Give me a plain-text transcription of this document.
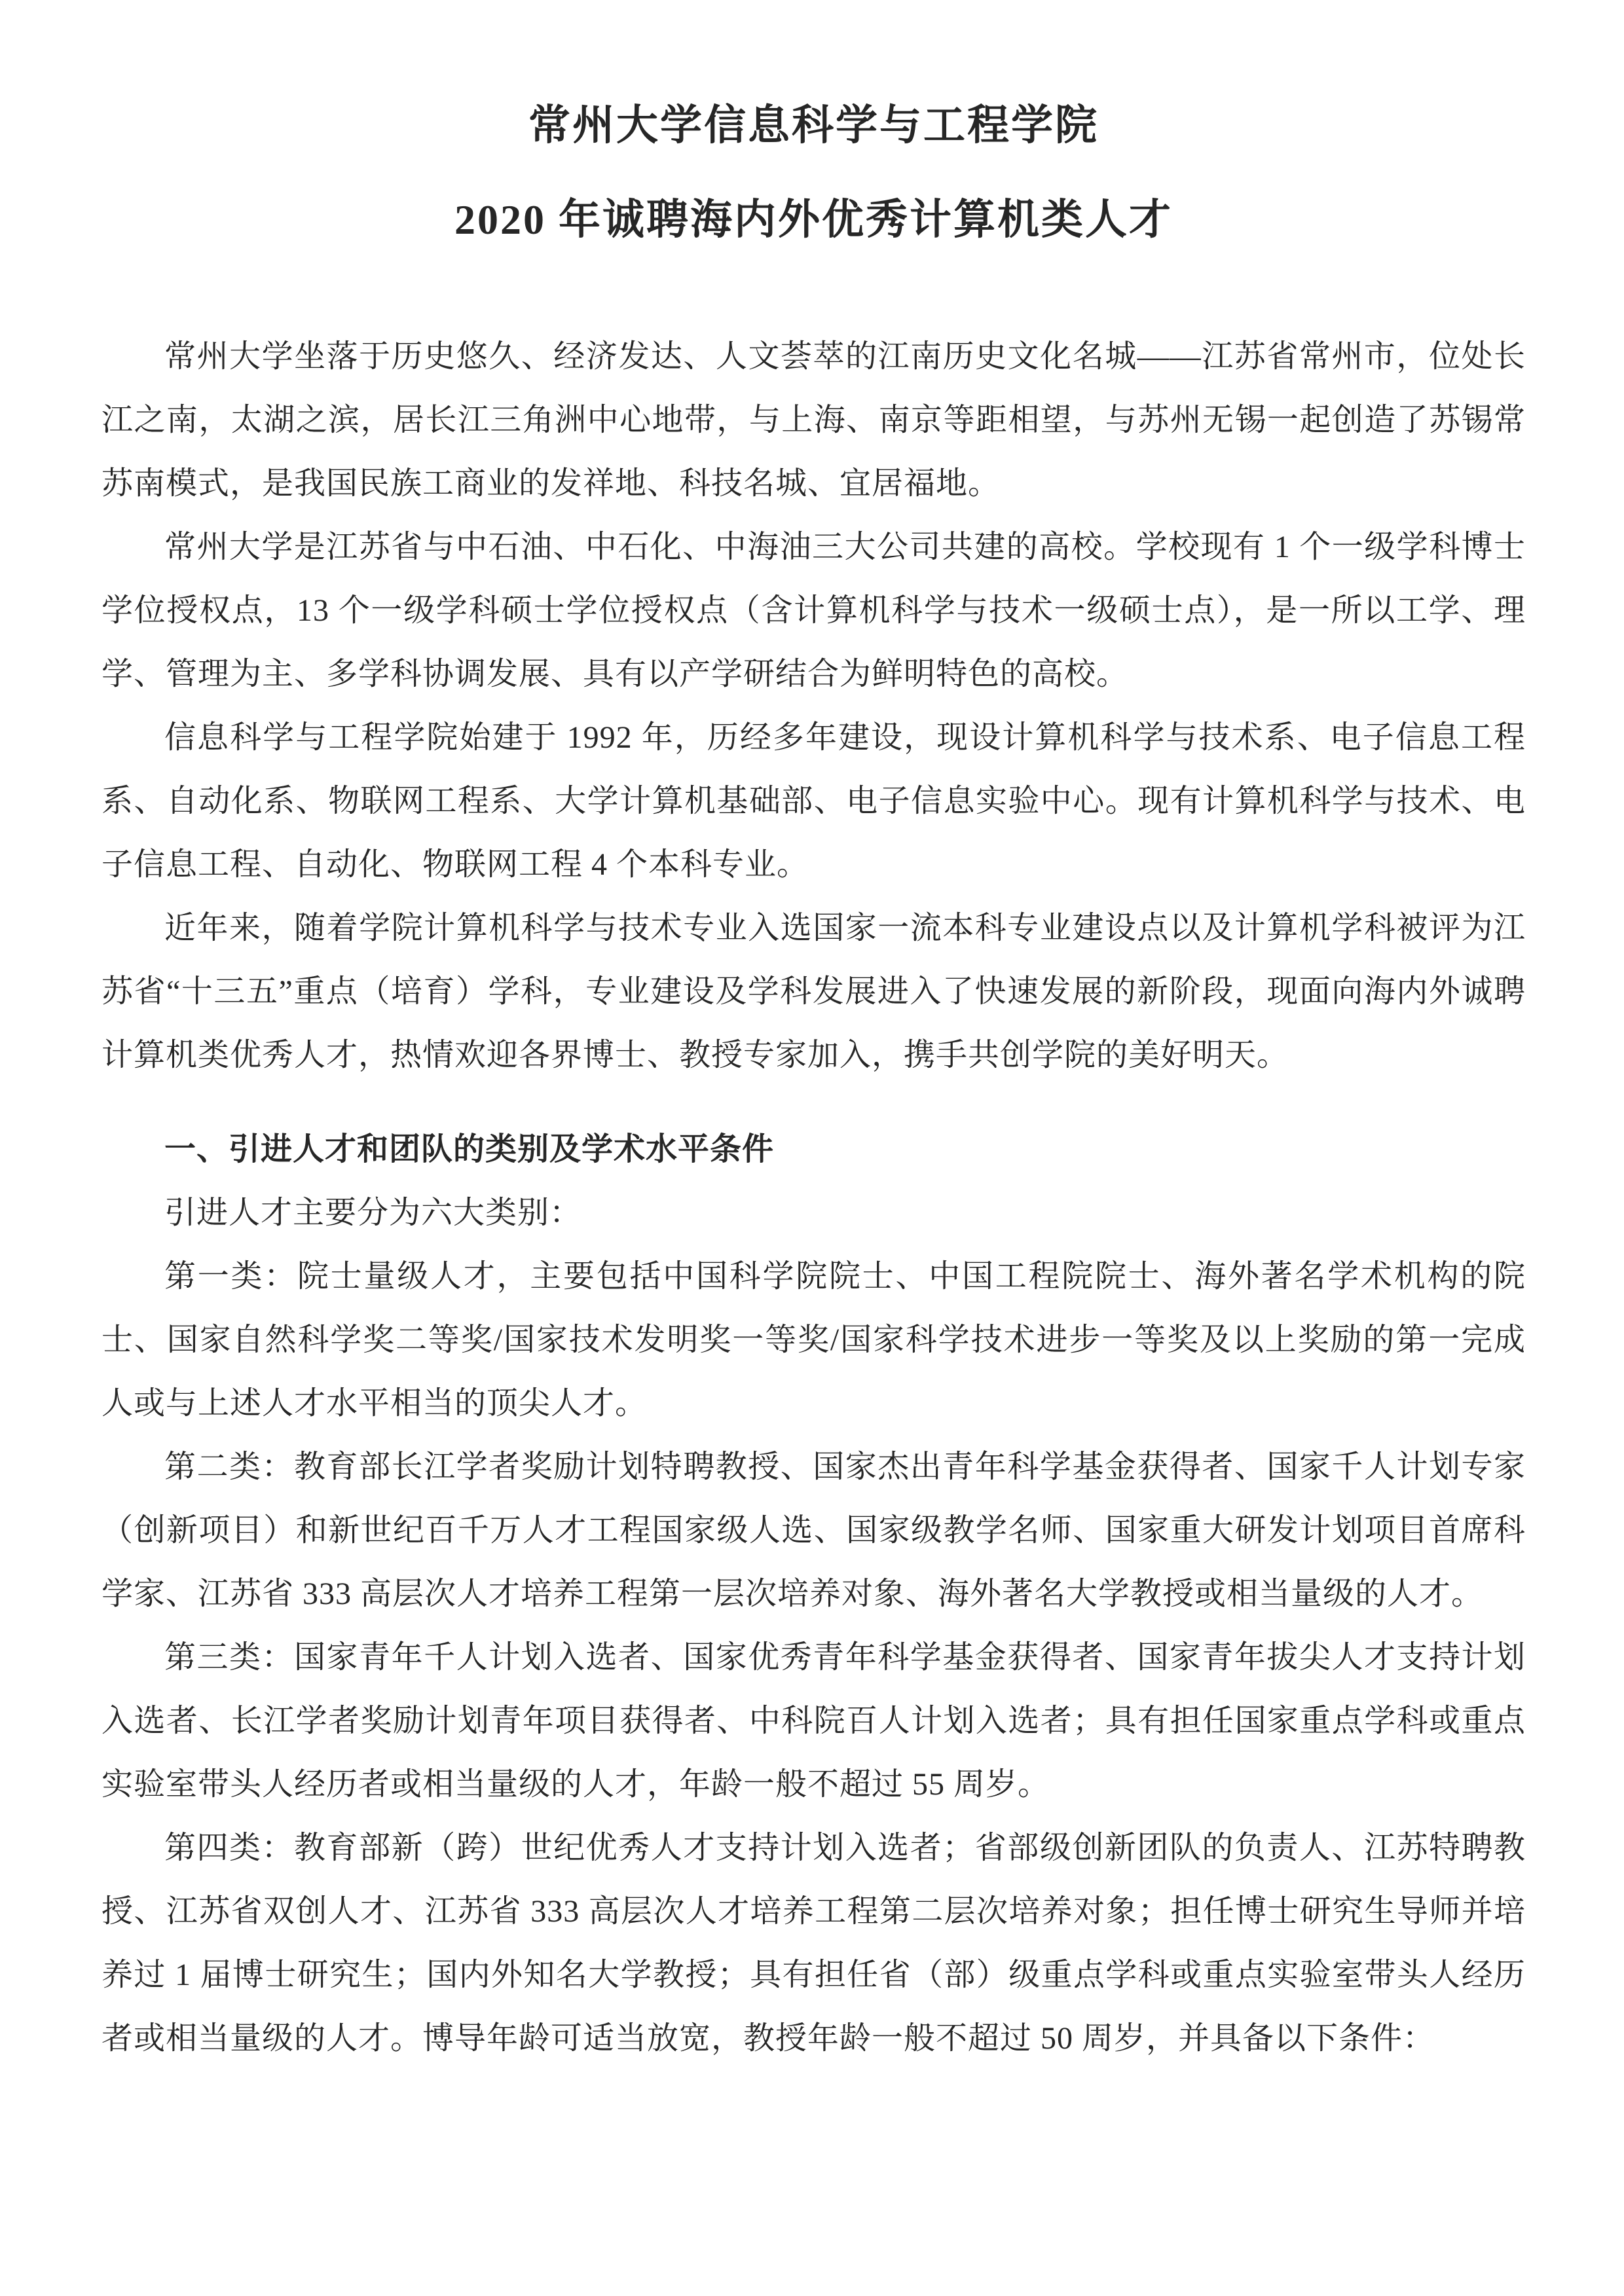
常州大学信息科学与工程学院
2020 年诚聘海内外优秀计算机类人才

常州大学坐落于历史悠久、经济发达、人文荟萃的江南历史文化名城——江苏省常州市，位处长江之南，太湖之滨，居长江三角洲中心地带，与上海、南京等距相望，与苏州无锡一起创造了苏锡常苏南模式，是我国民族工商业的发祥地、科技名城、宜居福地。

常州大学是江苏省与中石油、中石化、中海油三大公司共建的高校。学校现有 1 个一级学科博士学位授权点，13 个一级学科硕士学位授权点（含计算机科学与技术一级硕士点），是一所以工学、理学、管理为主、多学科协调发展、具有以产学研结合为鲜明特色的高校。

信息科学与工程学院始建于 1992 年，历经多年建设，现设计算机科学与技术系、电子信息工程系、自动化系、物联网工程系、大学计算机基础部、电子信息实验中心。现有计算机科学与技术、电子信息工程、自动化、物联网工程 4 个本科专业。

近年来，随着学院计算机科学与技术专业入选国家一流本科专业建设点以及计算机学科被评为江苏省“十三五”重点（培育）学科，专业建设及学科发展进入了快速发展的新阶段，现面向海内外诚聘计算机类优秀人才，热情欢迎各界博士、教授专家加入，携手共创学院的美好明天。

一、引进人才和团队的类别及学术水平条件

引进人才主要分为六大类别：

第一类：院士量级人才，主要包括中国科学院院士、中国工程院院士、海外著名学术机构的院士、国家自然科学奖二等奖/国家技术发明奖一等奖/国家科学技术进步一等奖及以上奖励的第一完成人或与上述人才水平相当的顶尖人才。

第二类：教育部长江学者奖励计划特聘教授、国家杰出青年科学基金获得者、国家千人计划专家（创新项目）和新世纪百千万人才工程国家级人选、国家级教学名师、国家重大研发计划项目首席科学家、江苏省 333 高层次人才培养工程第一层次培养对象、海外著名大学教授或相当量级的人才。

第三类：国家青年千人计划入选者、国家优秀青年科学基金获得者、国家青年拔尖人才支持计划入选者、长江学者奖励计划青年项目获得者、中科院百人计划入选者；具有担任国家重点学科或重点实验室带头人经历者或相当量级的人才，年龄一般不超过 55 周岁。

第四类：教育部新（跨）世纪优秀人才支持计划入选者；省部级创新团队的负责人、江苏特聘教授、江苏省双创人才、江苏省 333 高层次人才培养工程第二层次培养对象；担任博士研究生导师并培养过 1 届博士研究生；国内外知名大学教授；具有担任省（部）级重点学科或重点实验室带头人经历者或相当量级的人才。博导年龄可适当放宽，教授年龄一般不超过 50 周岁，并具备以下条件：
